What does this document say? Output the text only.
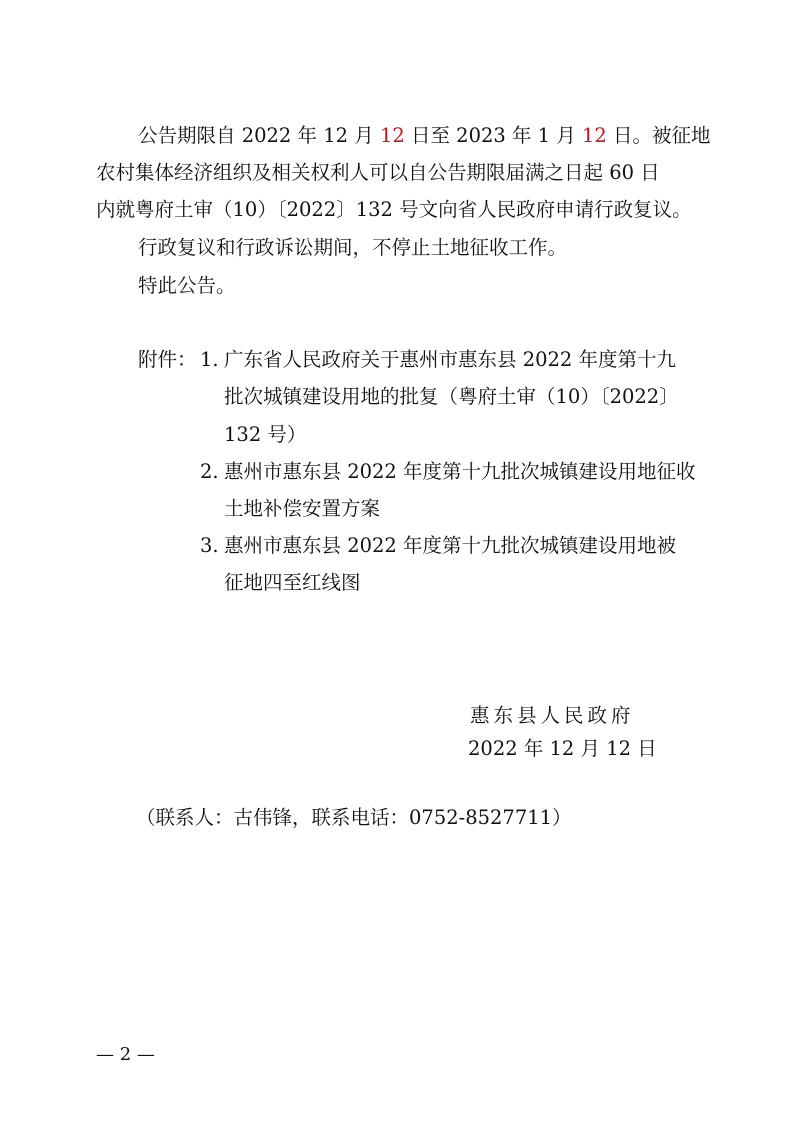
公告期限自 2022 年 12 月 12 日至 2023 年 1 月 12 日。被征地
农村集体经济组织及相关权利人可以自公告期限届满之日起 60 日
内就粤府土审（10）〔2022〕132 号文向省人民政府申请行政复议。
行政复议和行政诉讼期间，不停止土地征收工作。
特此公告。
附件： 1. 广东省人民政府关于惠州市惠东县 2022 年度第十九
批次城镇建设用地的批复（粤府土审（10）〔2022〕
132 号）
2. 惠州市惠东县 2022 年度第十九批次城镇建设用地征收
土地补偿安置方案
3. 惠州市惠东县 2022 年度第十九批次城镇建设用地被
征地四至红线图
惠东县人民政府
2022 年 12 月 12 日
（联系人：古伟锋，联系电话：0752-8527711）
— 2 —
